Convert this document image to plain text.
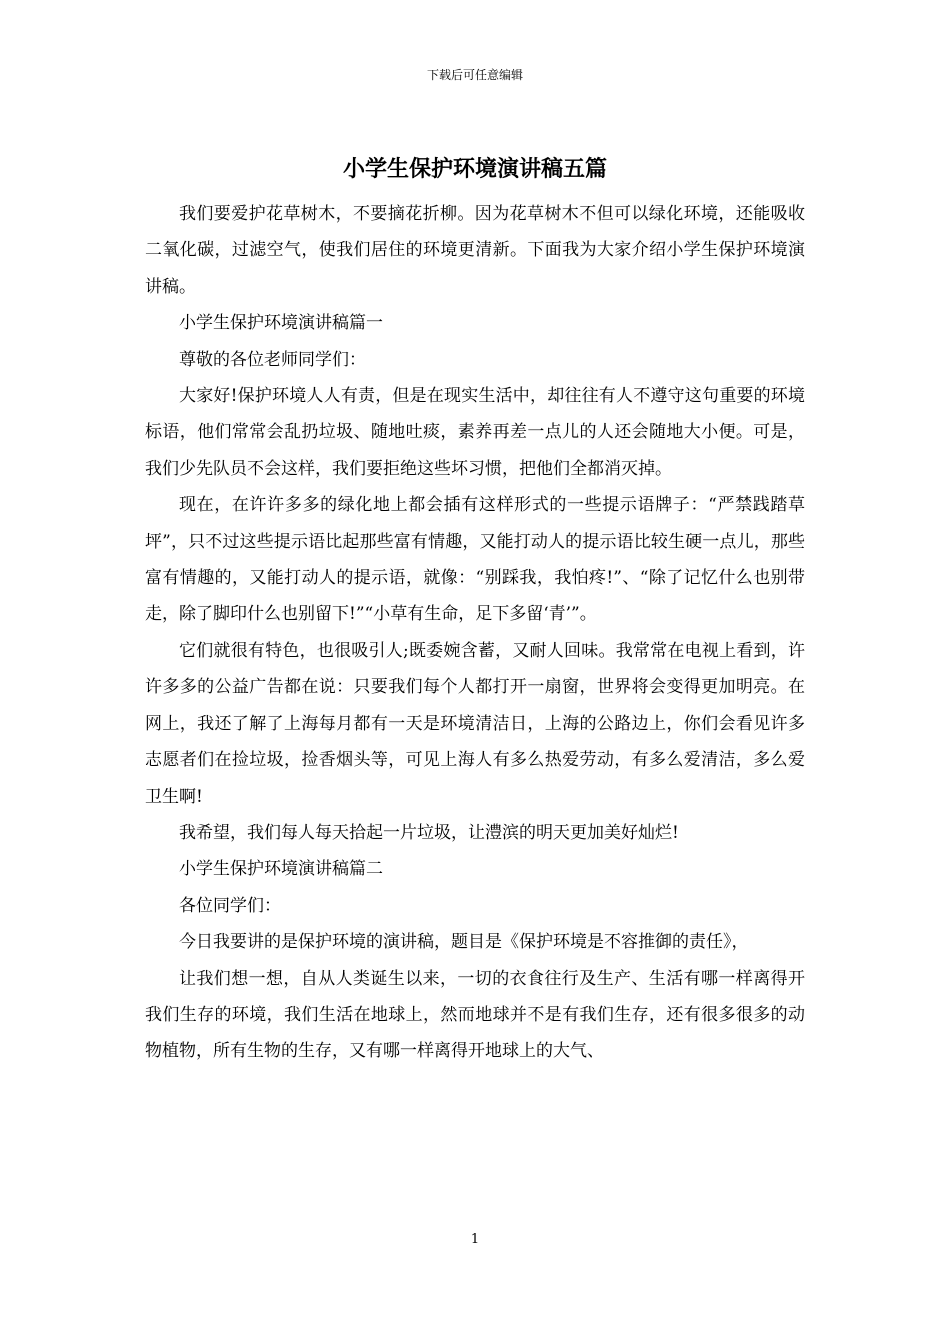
下载后可任意编辑
小学生保护环境演讲稿五篇

我们要爱护花草树木，不要摘花折柳。因为花草树木不但可以绿化环境，还能吸收二氧化碳，过滤空气，使我们居住的环境更清新。下面我为大家介绍小学生保护环境演讲稿。

小学生保护环境演讲稿篇一

尊敬的各位老师同学们：

大家好!保护环境人人有责，但是在现实生活中，却往往有人不遵守这句重要的环境标语，他们常常会乱扔垃圾、随地吐痰，素养再差一点儿的人还会随地大小便。可是，我们少先队员不会这样，我们要拒绝这些坏习惯，把他们全都消灭掉。

现在，在许许多多的绿化地上都会插有这样形式的一些提示语牌子：“严禁践踏草坪”，只不过这些提示语比起那些富有情趣，又能打动人的提示语比较生硬一点儿，那些富有情趣的，又能打动人的提示语，就像：“别踩我，我怕疼!”、“除了记忆什么也别带走，除了脚印什么也别留下!”“小草有生命，足下多留‘青’”。

它们就很有特色，也很吸引人;既委婉含蓄，又耐人回味。我常常在电视上看到，许许多多的公益广告都在说：只要我们每个人都打开一扇窗，世界将会变得更加明亮。在网上，我还了解了上海每月都有一天是环境清洁日，上海的公路边上，你们会看见许多志愿者们在捡垃圾，捡香烟头等，可见上海人有多么热爱劳动，有多么爱清洁，多么爱卫生啊!

我希望，我们每人每天拾起一片垃圾，让澧滨的明天更加美好灿烂!

小学生保护环境演讲稿篇二

各位同学们：

今日我要讲的是保护环境的演讲稿，题目是《保护环境是不容推御的责任》，

让我们想一想，自从人类诞生以来，一切的衣食往行及生产、生活有哪一样离得开我们生存的环境，我们生活在地球上，然而地球并不是有我们生存，还有很多很多的动物植物，所有生物的生存，又有哪一样离得开地球上的大气、

1
